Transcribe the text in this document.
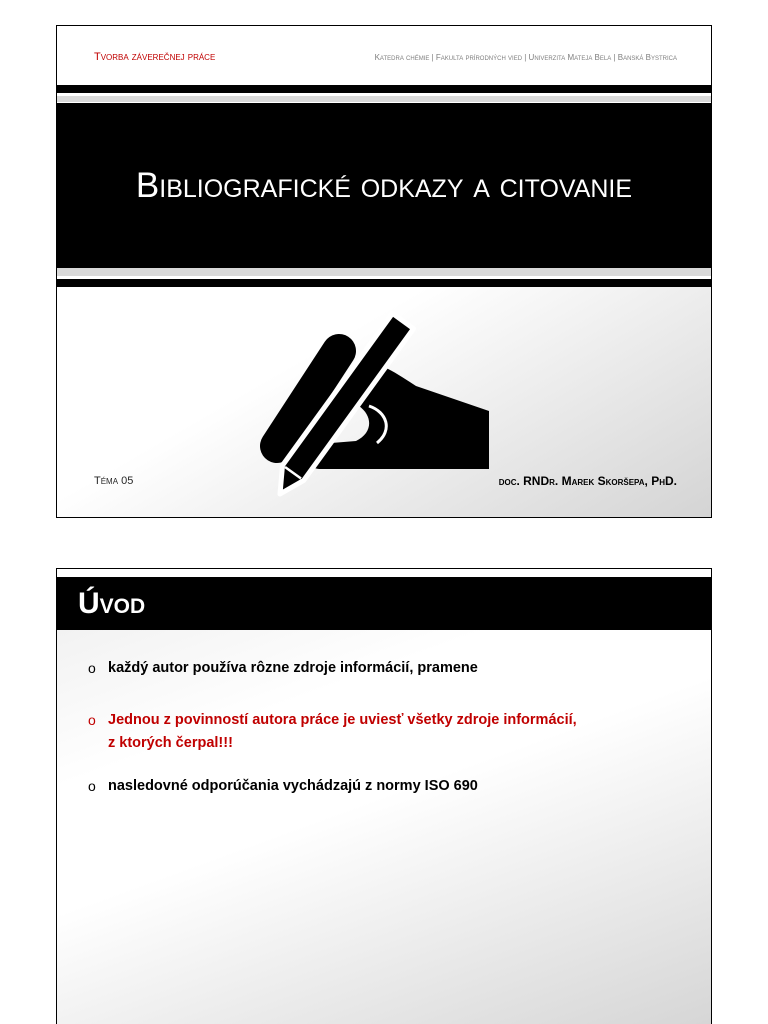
Tvorba záverečnej práce	Katedra chémie | Fakulta prírodných vied | Univerzita Mateja Bela | Banská Bystrica
Bibliografické odkazy a citovanie
Téma 05	doc. RNDr. Marek Skoršepa, PhD.
Úvod
o každý autor používa rôzne zdroje informácií, pramene
o Jednou z povinností autora práce je uviesť všetky zdroje informácií,
z ktorých čerpal!!!
o nasledovné odporúčania vychádzajú z normy ISO 690
